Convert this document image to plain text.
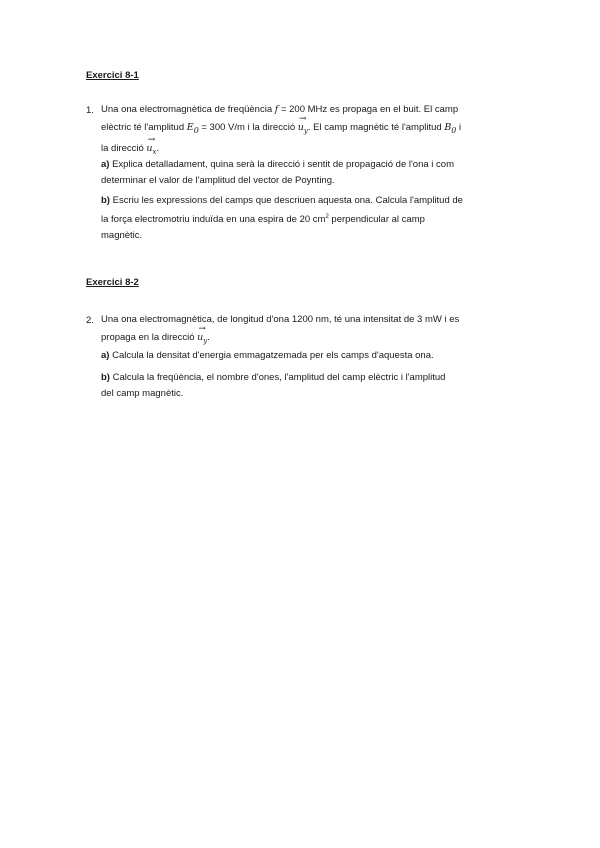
Exercici 8-1
1. Una ona electromagnètica de freqüència f = 200 MHz es propaga en el buit. El camp
elèctric té l'amplitud $E_0 = 300$ V/m i la direcció
→
$u_y$. El camp magnètic té l'amplitud $B_0$ i
la direcció
→
$u_x$.
a) Explica detalladament, quina serà la direcció i sentit de propagació de l'ona i com
determinar el valor de l'amplitud del vector de Poynting.
b) Escriu les expressions del camps que descriuen aquesta ona. Calcula l'amplitud de
la força electromotriu induïda en una espira de 20 $cm^2$ perpendicular al camp
magnètic.
Exercici 8-2
2. Una ona electromagnètica, de longitud d'ona 1200 nm, té una intensitat de 3 mW i es
propaga en la direcció
→
$u_y$.
a) Calcula la densitat d'energia emmagatzemada per els camps d'aquesta ona.
b) Calcula la freqüència, el nombre d'ones, l'amplitud del camp elèctric i l'amplitud
del camp magnètic.
